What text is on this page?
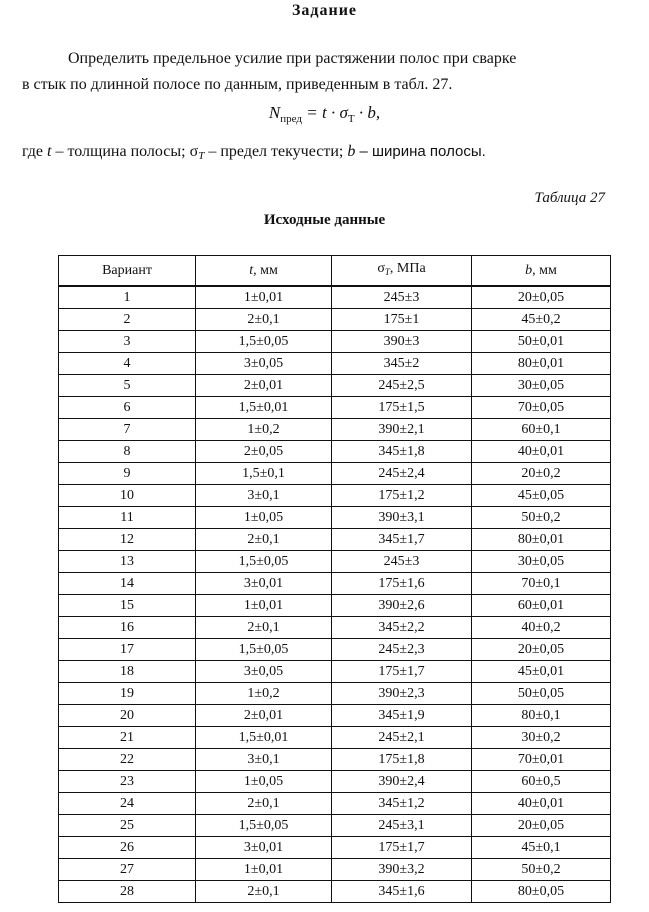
Задание
Определить предельное усилие при растяжении полос при сварке
в стык по длинной полосе по данным, приведенным в табл. 27.
$N_{пред} = t \cdot \sigma_T \cdot b$,
где t – толщина полосы; $\sigma_T$ – предел текучести; b – ширина полосы.
Таблица 27
Исходные данные
Вариант	t, мм	$\sigma_T$, МПа	b, мм
1	1±0,01	245±3	20±0,05
2	2±0,1	175±1	45±0,2
3	1,5±0,05	390±3	50±0,01
4	3±0,05	345±2	80±0,01
5	2±0,01	245±2,5	30±0,05
6	1,5±0,01	175±1,5	70±0,05
7	1±0,2	390±2,1	60±0,1
8	2±0,05	345±1,8	40±0,01
9	1,5±0,1	245±2,4	20±0,2
10	3±0,1	175±1,2	45±0,05
11	1±0,05	390±3,1	50±0,2
12	2±0,1	345±1,7	80±0,01
13	1,5±0,05	245±3	30±0,05
14	3±0,01	175±1,6	70±0,1
15	1±0,01	390±2,6	60±0,01
16	2±0,1	345±2,2	40±0,2
17	1,5±0,05	245±2,3	20±0,05
18	3±0,05	175±1,7	45±0,01
19	1±0,2	390±2,3	50±0,05
20	2±0,01	345±1,9	80±0,1
21	1,5±0,01	245±2,1	30±0,2
22	3±0,1	175±1,8	70±0,01
23	1±0,05	390±2,4	60±0,5
24	2±0,1	345±1,2	40±0,01
25	1,5±0,05	245±3,1	20±0,05
26	3±0,01	175±1,7	45±0,1
27	1±0,01	390±3,2	50±0,2
28	2±0,1	345±1,6	80±0,05
